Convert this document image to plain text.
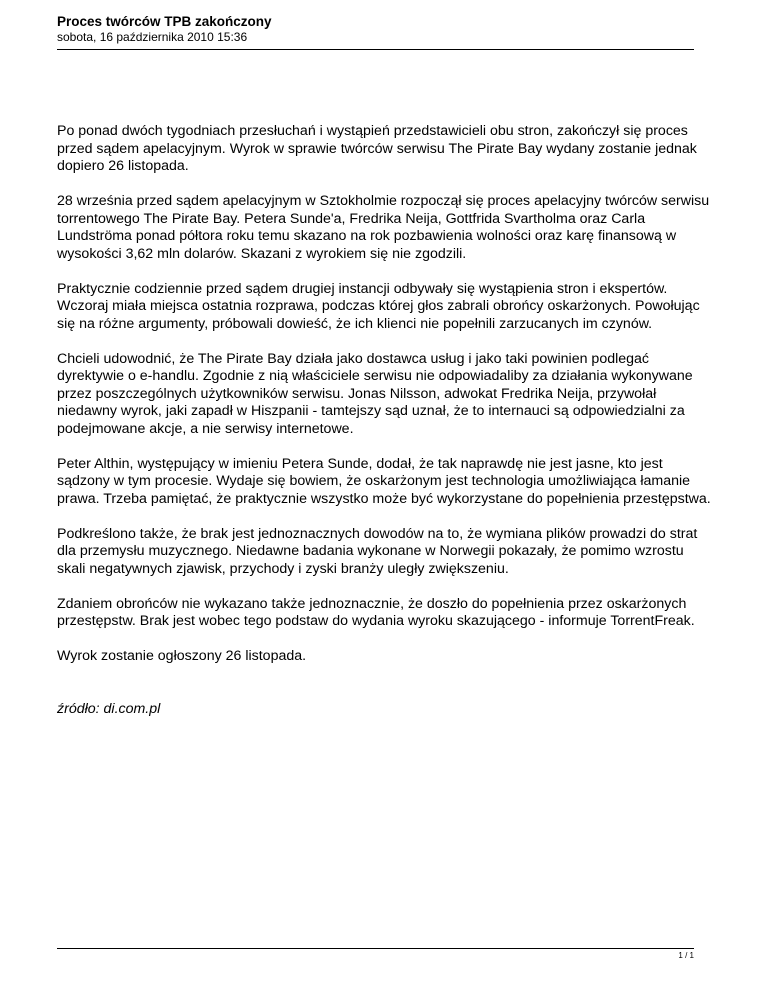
Proces twórców TPB zakończony

sobota, 16 października 2010 15:36

Po ponad dwóch tygodniach przesłuchań i wystąpień przedstawicieli obu stron, zakończył się proces przed sądem apelacyjnym. Wyrok w sprawie twórców serwisu The Pirate Bay wydany zostanie jednak dopiero 26 listopada.

28 września przed sądem apelacyjnym w Sztokholmie rozpoczął się proces apelacyjny twórców serwisu torrentowego The Pirate Bay. Petera Sunde'a, Fredrika Neija, Gottfrida Svartholma oraz Carla Lundströma ponad półtora roku temu skazano na rok pozbawienia wolności oraz karę finansową w wysokości 3,62 mln dolarów. Skazani z wyrokiem się nie zgodzili.

Praktycznie codziennie przed sądem drugiej instancji odbywały się wystąpienia stron i ekspertów. Wczoraj miała miejsca ostatnia rozprawa, podczas której głos zabrali obrońcy oskarżonych. Powołując się na różne argumenty, próbowali dowieść, że ich klienci nie popełnili zarzucanych im czynów.

Chcieli udowodnić, że The Pirate Bay działa jako dostawca usług i jako taki powinien podlegać dyrektywie o e-handlu. Zgodnie z nią właściciele serwisu nie odpowiadaliby za działania wykonywane przez poszczególnych użytkowników serwisu. Jonas Nilsson, adwokat Fredrika Neija, przywołał niedawny wyrok, jaki zapadł w Hiszpanii - tamtejszy sąd uznał, że to internauci są odpowiedzialni za podejmowane akcje, a nie serwisy internetowe.

Peter Althin, występujący w imieniu Petera Sunde, dodał, że tak naprawdę nie jest jasne, kto jest sądzony w tym procesie. Wydaje się bowiem, że oskarżonym jest technologia umożliwiająca łamanie prawa. Trzeba pamiętać, że praktycznie wszystko może być wykorzystane do popełnienia przestępstwa.

Podkreślono także, że brak jest jednoznacznych dowodów na to, że wymiana plików prowadzi do strat dla przemysłu muzycznego. Niedawne badania wykonane w Norwegii pokazały, że pomimo wzrostu skali negatywnych zjawisk, przychody i zyski branży uległy zwiększeniu.

Zdaniem obrońców nie wykazano także jednoznacznie, że doszło do popełnienia przez oskarżonych przestępstw. Brak jest wobec tego podstaw do wydania wyroku skazującego - informuje TorrentFreak.

Wyrok zostanie ogłoszony 26 listopada.

źródło: di.com.pl

1 / 1
